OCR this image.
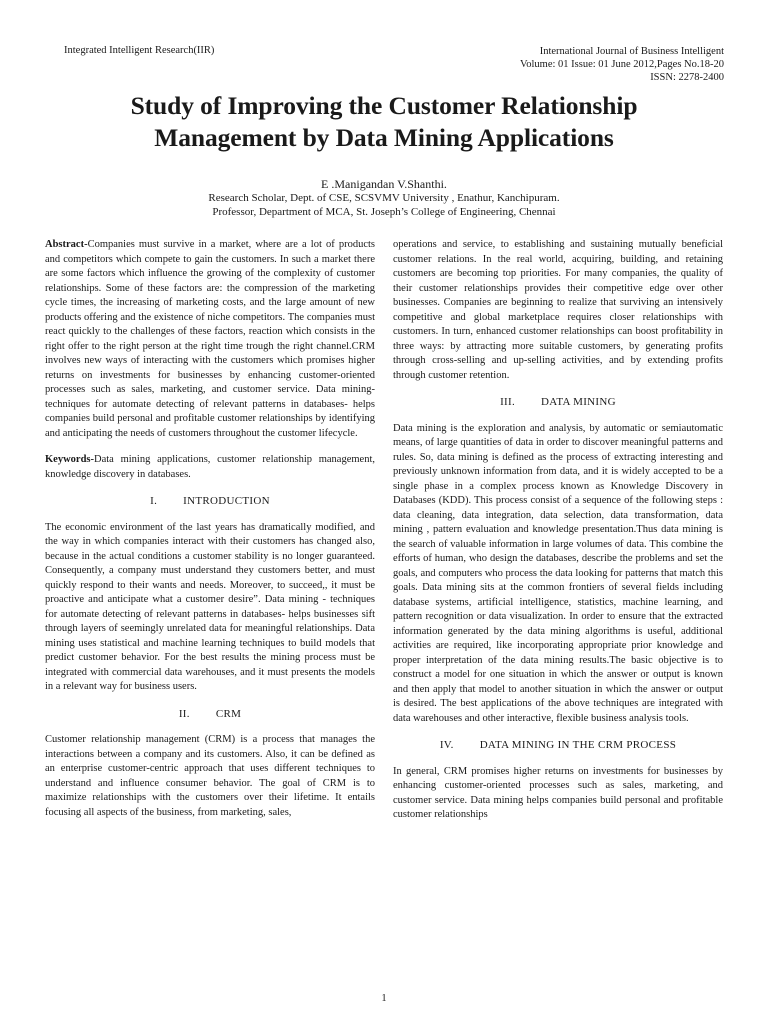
Integrated Intelligent Research(IIR)	International Journal of Business Intelligent
Volume: 01 Issue: 01 June 2012,Pages No.18-20
ISSN: 2278-2400
Study of Improving the Customer Relationship
Management by Data Mining Applications
E .Manigandan V.Shanthi.
Research Scholar, Dept. of CSE, SCSVMV University , Enathur, Kanchipuram.
Professor, Department of MCA, St. Joseph’s College of Engineering, Chennai

Abstract-Companies must survive in a market, where are a lot of products and competitors which compete to gain the customers. In such a market there are some factors which influence the growing of the complexity of customer relationships. Some of these factors are: the compression of the marketing cycle times, the increasing of marketing costs, and the large amount of new products offering and the existence of niche competitors. The companies must react quickly to the challenges of these factors, reaction which consists in the right offer to the right person at the right time trough the right channel.CRM involves new ways of interacting with the customers which promises higher returns on investments for businesses by enhancing customer-oriented processes such as sales, marketing, and customer service. Data mining- techniques for automate detecting of relevant patterns in databases- helps companies build personal and profitable customer relationships by identifying and anticipating the needs of customers throughout the customer lifecycle.

Keywords-Data mining applications, customer relationship management, knowledge discovery in databases.

I. INTRODUCTION

The economic environment of the last years has dramatically modified, and the way in which companies interact with their customers has changed also, because in the actual conditions a customer stability is no longer guaranteed. Consequently, a company must understand they customers better, and must quickly respond to their wants and needs. Moreover, to succeed,, it must be proactive and anticipate what a customer desire”. Data mining - techniques for automate detecting of relevant patterns in databases- helps businesses sift through layers of seemingly unrelated data for meaningful relationships. Data mining uses statistical and machine learning techniques to build models that predict customer behavior. For the best results the mining process must be integrated with commercial data warehouses, and it must presents the models in a relevant way for business users.

II. CRM

Customer relationship management (CRM) is a process that manages the interactions between a company and its customers. Also, it can be defined as an enterprise customer-centric approach that uses different techniques to understand and influence consumer behavior. The goal of CRM is to maximize relationships with the customers over their lifetime. It entails focusing all aspects of the business, from marketing, sales,

operations and service, to establishing and sustaining mutually beneficial customer relations. In the real world, acquiring, building, and retaining customers are becoming top priorities. For many companies, the quality of their customer relationships provides their competitive edge over other businesses. Companies are beginning to realize that surviving an intensively competitive and global marketplace requires closer relationships with customers. In turn, enhanced customer relationships can boost profitability in three ways: by attracting more suitable customers, by generating profits through cross-selling and up-selling activities, and by extending profits through customer retention.

III. DATA MINING

Data mining is the exploration and analysis, by automatic or semiautomatic means, of large quantities of data in order to discover meaningful patterns and rules. So, data mining is defined as the process of extracting interesting and previously unknown information from data, and it is widely accepted to be a single phase in a complex process known as Knowledge Discovery in Databases (KDD). This process consist of a sequence of the following steps : data cleaning, data integration, data selection, data transformation, data mining , pattern evaluation and knowledge presentation.Thus data mining is the search of valuable information in large volumes of data. This combine the efforts of human, who design the databases, describe the problems and set the goals, and computers who process the data looking for patterns that match this goals. Data mining sits at the common frontiers of several fields including database systems, artificial intelligence, statistics, machine learning, and pattern recognition or data visualization. In order to ensure that the extracted information generated by the data mining algorithms is useful, additional activities are required, like incorporating appropriate prior knowledge and proper interpretation of the data mining results.The basic objective is to construct a model for one situation in which the answer or output is known and then apply that model to another situation in which the answer or output is desired. The best applications of the above techniques are integrated with data warehouses and other interactive, flexible business analysis tools.

IV. DATA MINING IN THE CRM PROCESS

In general, CRM promises higher returns on investments for businesses by enhancing customer-oriented processes such as sales, marketing, and customer service. Data mining helps companies build personal and profitable customer relationships

1
